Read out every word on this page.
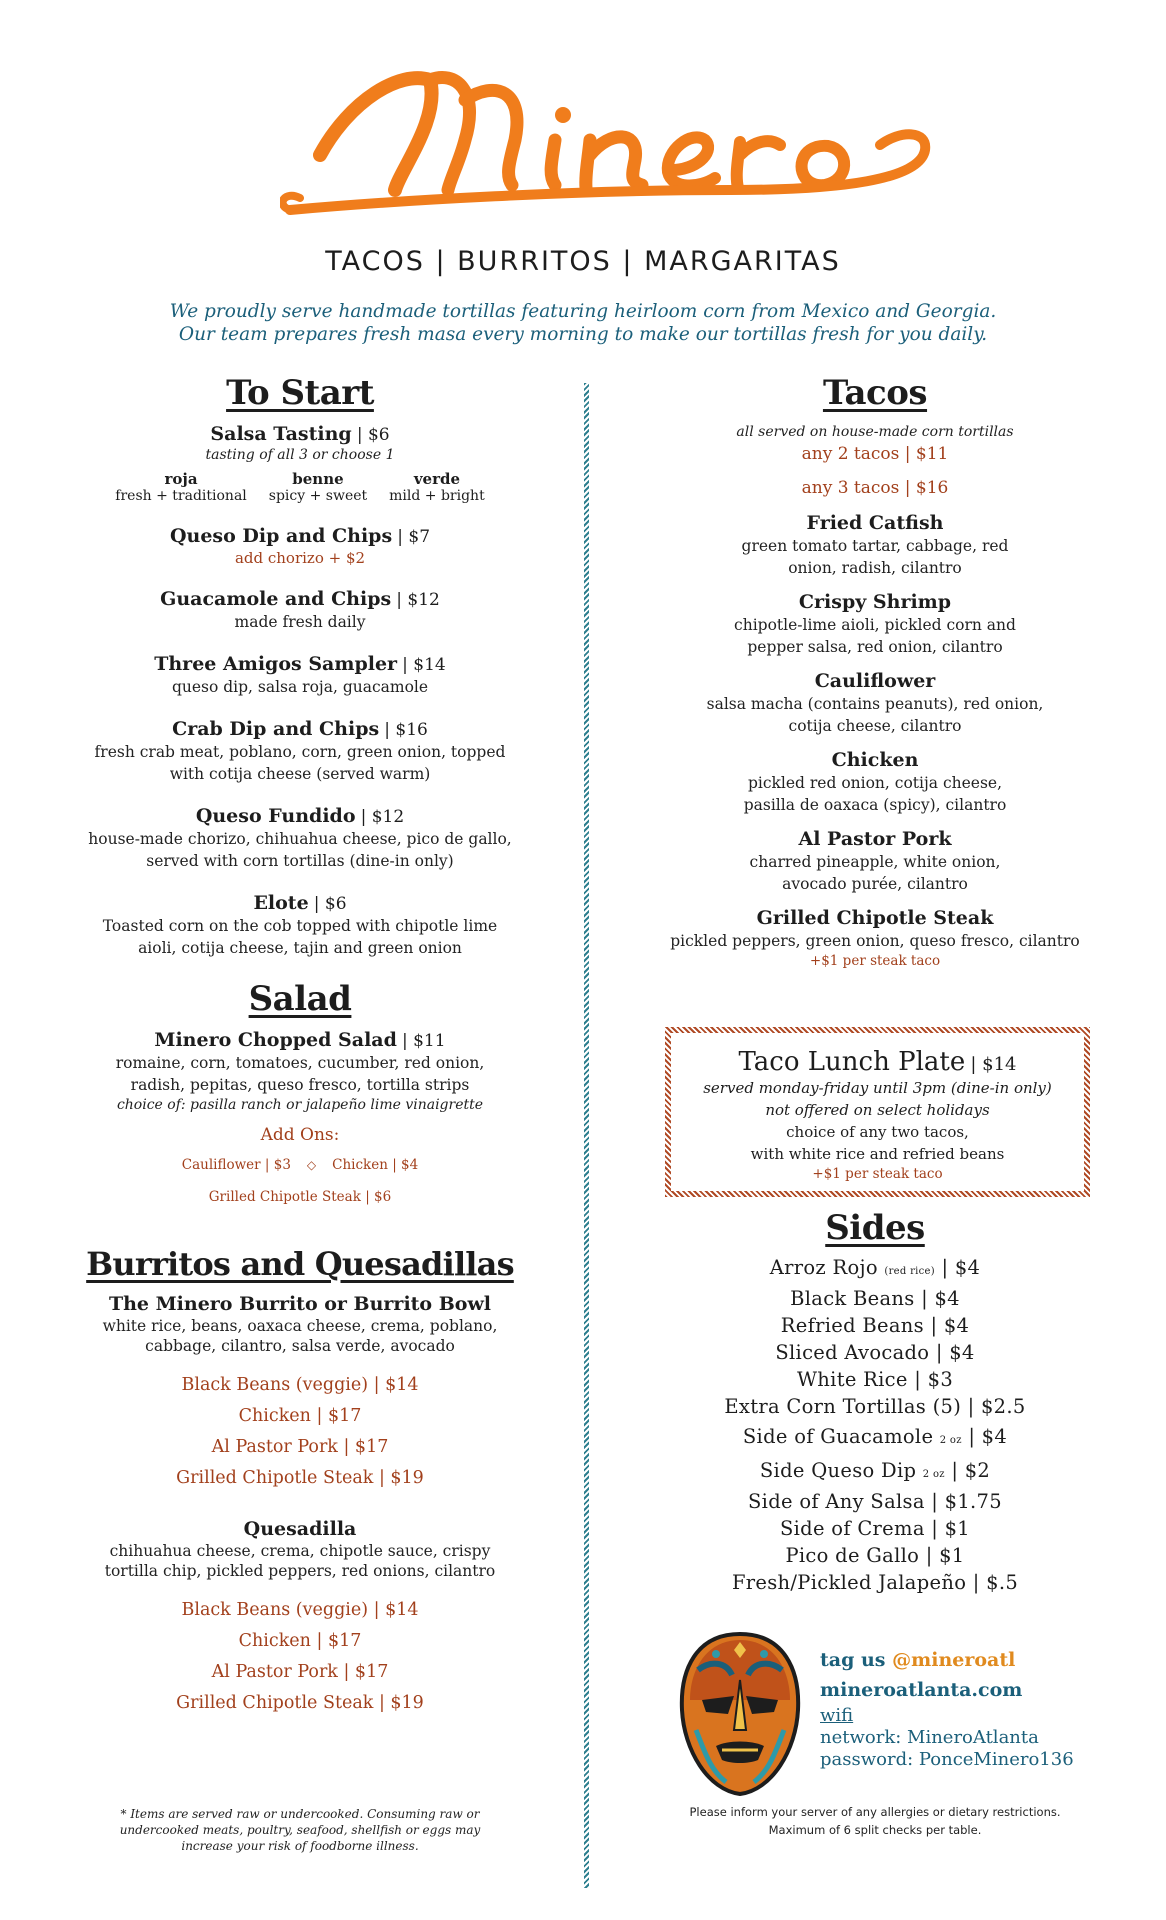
TACOS | BURRITOS | MARGARITAS
We proudly serve handmade tortillas featuring heirloom corn from Mexico and Georgia.
Our team prepares fresh masa every morning to make our tortillas fresh for you daily.
To Start
Salsa Tasting | $6
tasting of all 3 or choose 1
roja
fresh + traditional
benne
spicy + sweet
verde
mild + bright
Queso Dip and Chips | $7
add chorizo + $2
Guacamole and Chips | $12
made fresh daily
Three Amigos Sampler | $14
queso dip, salsa roja, guacamole
Crab Dip and Chips | $16
fresh crab meat, poblano, corn, green onion, topped with cotija cheese (served warm)
Queso Fundido | $12
house-made chorizo, chihuahua cheese, pico de gallo, served with corn tortillas (dine-in only)
Elote | $6
Toasted corn on the cob topped with chipotle lime aioli, cotija cheese, tajin and green onion
Salad
Minero Chopped Salad | $11
romaine, corn, tomatoes, cucumber, red onion, radish, pepitas, queso fresco, tortilla strips
choice of: pasilla ranch or jalapeño lime vinaigrette
Add Ons:
Cauliflower | $3 ◇ Chicken | $4
Grilled Chipotle Steak | $6
Burritos and Quesadillas
The Minero Burrito or Burrito Bowl
white rice, beans, oaxaca cheese, crema, poblano, cabbage, cilantro, salsa verde, avocado
Black Beans (veggie) | $14
Chicken | $17
Al Pastor Pork | $17
Grilled Chipotle Steak | $19
Quesadilla
chihuahua cheese, crema, chipotle sauce, crispy tortilla chip, pickled peppers, red onions, cilantro
Black Beans (veggie) | $14
Chicken | $17
Al Pastor Pork | $17
Grilled Chipotle Steak | $19
* Items are served raw or undercooked. Consuming raw or undercooked meats, poultry, seafood, shellfish or eggs may increase your risk of foodborne illness.
Tacos
all served on house-made corn tortillas
any 2 tacos | $11
any 3 tacos | $16
Fried Catfish
green tomato tartar, cabbage, red onion, radish, cilantro
Crispy Shrimp
chipotle-lime aioli, pickled corn and pepper salsa, red onion, cilantro
Cauliflower
salsa macha (contains peanuts), red onion, cotija cheese, cilantro
Chicken
pickled red onion, cotija cheese, pasilla de oaxaca (spicy), cilantro
Al Pastor Pork
charred pineapple, white onion, avocado purée, cilantro
Grilled Chipotle Steak
pickled peppers, green onion, queso fresco, cilantro
+$1 per steak taco
Taco Lunch Plate | $14
served monday-friday until 3pm (dine-in only)
not offered on select holidays
choice of any two tacos,
with white rice and refried beans
+$1 per steak taco
Sides
Arroz Rojo (red rice) | $4
Black Beans | $4
Refried Beans | $4
Sliced Avocado | $4
White Rice | $3
Extra Corn Tortillas (5) | $2.5
Side of Guacamole 2 oz | $4
Side Queso Dip 2 oz | $2
Side of Any Salsa | $1.75
Side of Crema | $1
Pico de Gallo | $1
Fresh/Pickled Jalapeño | $.5
tag us @mineroatl
mineroatlanta.com
wifi
network: MineroAtlanta
password: PonceMinero136
Please inform your server of any allergies or dietary restrictions.
Maximum of 6 split checks per table.
